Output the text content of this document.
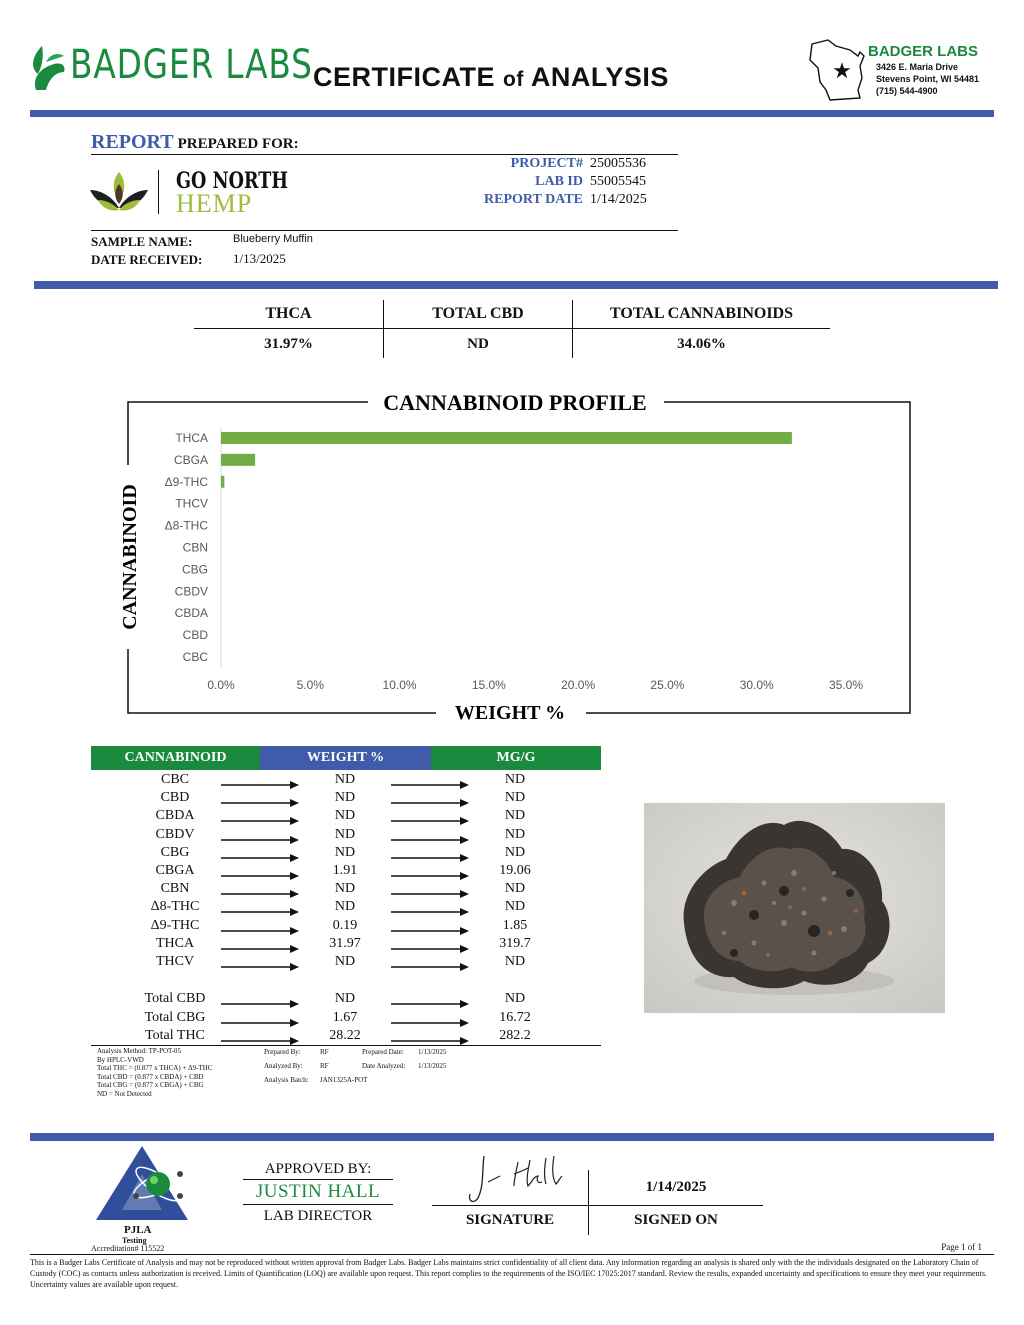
BADGER LABS CERTIFICATE of ANALYSIS	★
BADGER LABS
3426 E. Maria Drive
Stevens Point, WI 54481
(715) 544-4900
REPORT PREPARED FOR:
GO NORTH
HEMP
PROJECT# 25005536
LAB ID 55005545
REPORT DATE 1/14/2025
SAMPLE NAME:	Blueberry Muffin
DATE RECEIVED: 1/13/2025
THCA	TOTAL CBD	TOTAL CANNABINOIDS
31.97%	ND	34.06%
CANNABINOID PROFILE
WEIGHT %
CANNABINOID
THCA
CBGA
Δ9-THC
THCV
Δ8-THC
CBN
CBG
CBDV
CBDA
CBD
CBC
0.0%	5.0%	10.0%	15.0%	20.0%	25.0%	30.0%	35.0%
CANNABINOID	WEIGHT %	MG/G
CBC	ND	ND
CBD	ND	ND
CBDA	ND	ND
CBDV	ND	ND
CBG	ND	ND
CBGA	1.91	19.06
CBN	ND	ND
Δ8-THC	ND	ND
Δ9-THC	0.19	1.85
THCA	31.97	319.7
THCV	ND	ND
Total CBD	ND	ND
Total CBG	1.67	16.72
Total THC	28.22	282.2
Analysis Method: TP-POT-05
By HPLC-VWD
Total THC = (0.877 x THCA) + Δ9-THC
Total CBD = (0.877 x CBDA) + CBD
Total CBG = (0.877 x CBGA) + CBG
ND = Not Detected
Prepared By:	RF	Prepared Date: 1/13/2025
Analyzed By: RF	Date Analyzed: 1/13/2025
Analysis Batch: JAN1325A-POT
PJLA
Testing
Accreditation# 115522
APPROVED BY:
JUSTIN HALL
LAB DIRECTOR
1/14/2025
SIGNATURE	SIGNED ON
Page 1 of 1
This is a Badger Labs Certificate of Analysis and may not be reproduced without written approval from Badger Labs. Badger Labs maintains strict confidentiality of all client data. Any information regarding an analysis is shared only with the the individuals designated on the Laboratory Chain of Custody (COC) as contacts unless authorization is received. Limits of Quantification (LOQ) are available upon request. This report complies to the requirements of the ISO/IEC 17025:2017 standard. Review the results, expanded uncertainty and specifications to ensure they meet your requirements. Uncertainty values are available upon request.
